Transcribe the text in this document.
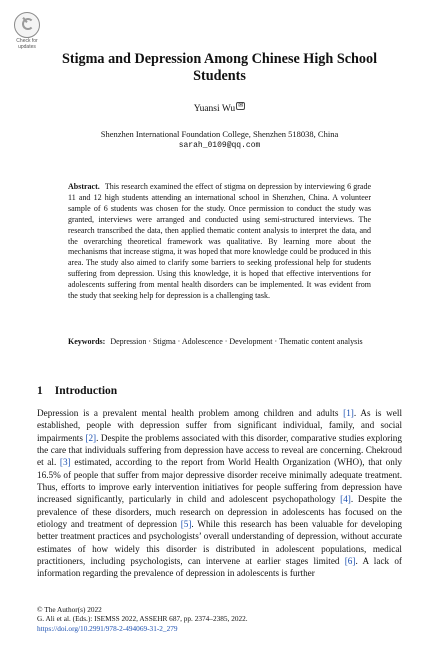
Check for
updates
Stigma and Depression Among Chinese High School Students
Yuansi Wu ✉
Shenzhen International Foundation College, Shenzhen 518038, China
sarah_0109@qq.com
Abstract. This research examined the effect of stigma on depression by interviewing 6 grade 11 and 12 high students attending an international school in Shenzhen, China. A volunteer sample of 6 students was chosen for the study. Once permission to conduct the study was granted, interviews were arranged and conducted using semi-structured interviews. The research transcribed the data, then applied thematic content analysis to interpret the data, and the overarching theoretical framework was qualitative. By learning more about the mechanisms that increase stigma, it was hoped that more knowledge could be produced in this area. The study also aimed to clarify some barriers to seeking professional help for students suffering from depression. Using this knowledge, it is hoped that effective interventions for adolescents suffering from mental health disorders can be implemented. It was evident from the study that seeking help for depression is a challenging task.
Keywords: Depression · Stigma · Adolescence · Development · Thematic content analysis
1 Introduction
Depression is a prevalent mental health problem among children and adults [1]. As is well established, people with depression suffer from significant individual, family, and social impairments [2]. Despite the problems associated with this disorder, comparative studies exploring the care that individuals suffering from depression have access to reveal are concerning. Chekroud et al. [3] estimated, according to the report from World Health Organization (WHO), that only 16.5% of people that suffer from major depressive disorder receive minimally adequate treatment. Thus, efforts to improve early intervention initiatives for people suffering from depression have increased significantly, particularly in child and adolescent psychopathology [4]. Despite the prevalence of these disorders, much research on depression in adolescents has focused on the etiology and treatment of depression [5]. While this research has been valuable for developing better treatment practices and psychologists’ overall understanding of depression, without accurate estimates of how widely this disorder is distributed in adolescent populations, medical practitioners, including psychologists, can intervene at earlier stages limited [6]. A lack of information regarding the prevalence of depression in adolescents is further
© The Author(s) 2022
G. Ali et al. (Eds.): ISEMSS 2022, ASSEHR 687, pp. 2374–2385, 2022.
https://doi.org/10.2991/978-2-494069-31-2_279
